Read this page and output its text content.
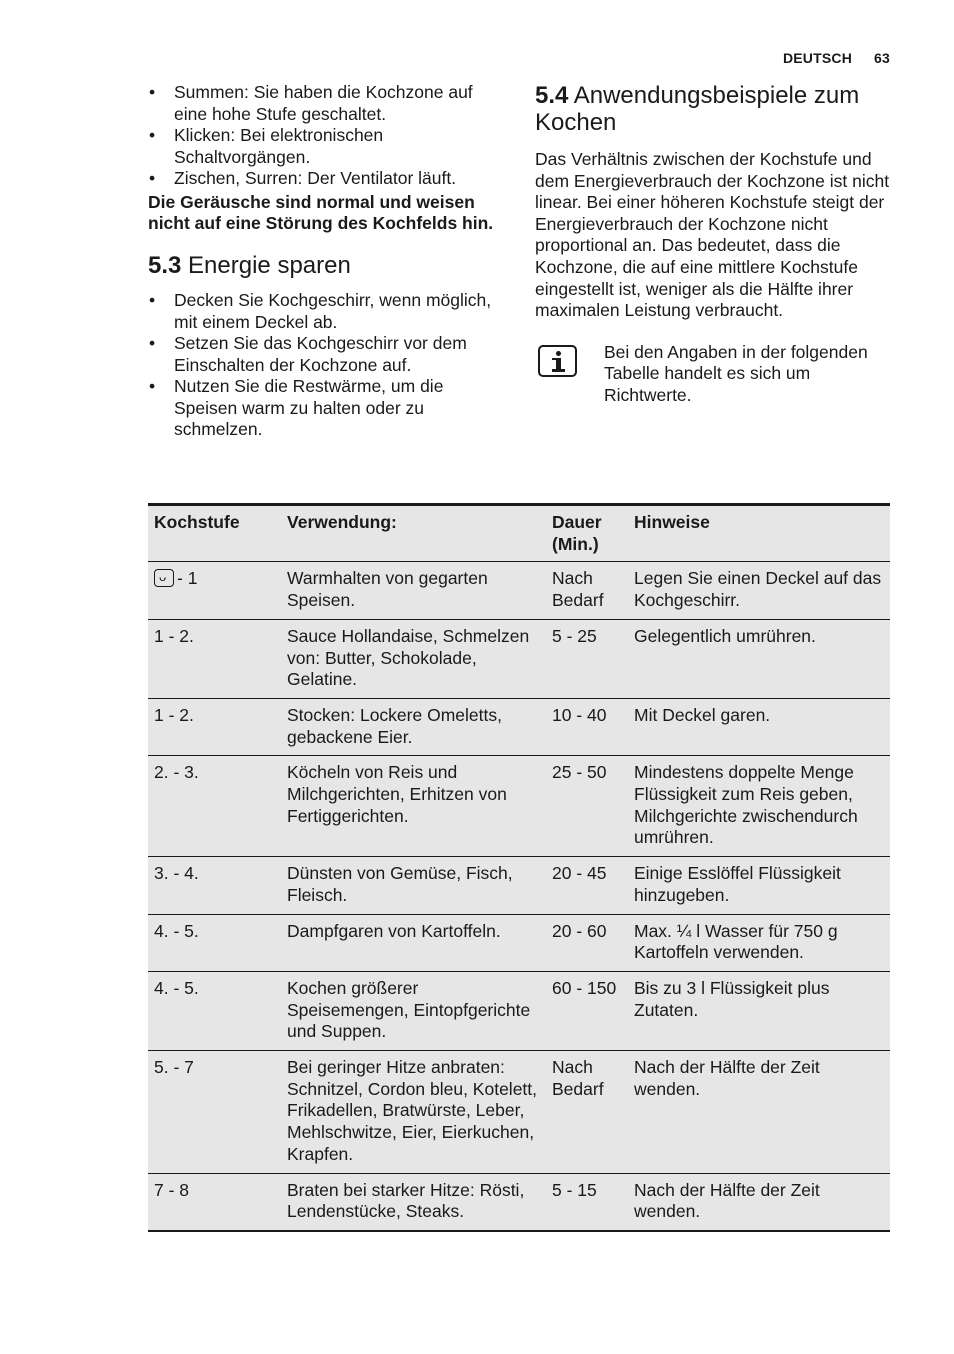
DEUTSCH 63
• Summen: Sie haben die Kochzone auf eine hohe Stufe geschaltet.
• Klicken: Bei elektronischen Schaltvorgängen.
• Zischen, Surren: Der Ventilator läuft.

Die Geräusche sind normal und weisen nicht auf eine Störung des Kochfelds hin.

5.3 Energie sparen
• Decken Sie Kochgeschirr, wenn möglich, mit einem Deckel ab.
• Setzen Sie das Kochgeschirr vor dem Einschalten der Kochzone auf.
• Nutzen Sie die Restwärme, um die Speisen warm zu halten oder zu schmelzen.
5.4 Anwendungsbeispiele zum Kochen

Das Verhältnis zwischen der Kochstufe und dem Energieverbrauch der Kochzone ist nicht linear. Bei einer höheren Kochstufe steigt der Energieverbrauch der Kochzone nicht proportional an. Das bedeutet, dass die Kochzone, die auf eine mittlere Kochstufe eingestellt ist, weniger als die Hälfte ihrer maximalen Leistung verbraucht.

Bei den Angaben in der folgenden Tabelle handelt es sich um Richtwerte.

Kochstufe	Verwendung:	Dauer (Min.)	Hinweise
ᴗ- 1	Warmhalten von gegarten Speisen.	Nach Bedarf	Legen Sie einen Deckel auf das Kochgeschirr.
1 - 2.	Sauce Hollandaise, Schmelzen von: Butter, Schokolade, Gelatine.	5 - 25	Gelegentlich umrühren.
1 - 2.	Stocken: Lockere Omeletts, gebackene Eier.	10 - 40	Mit Deckel garen.
2. - 3.	Köcheln von Reis und Milchgerichten, Erhitzen von Fertiggerichten.	25 - 50	Mindestens doppelte Menge Flüssigkeit zum Reis geben, Milchgerichte zwischendurch umrühren.
3. - 4.	Dünsten von Gemüse, Fisch, Fleisch.	20 - 45	Einige Esslöffel Flüssigkeit hinzugeben.
4. - 5.	Dampfgaren von Kartoffeln.	20 - 60	Max. ¼ l Wasser für 750 g Kartoffeln verwenden.
4. - 5.	Kochen größerer Speisemengen, Eintopfgerichte und Suppen.	60 - 150	Bis zu 3 l Flüssigkeit plus Zutaten.
5. - 7	Bei geringer Hitze anbraten: Schnitzel, Cordon bleu, Kotelett, Frikadellen, Bratwürste, Leber, Mehlschwitze, Eier, Eierkuchen, Krapfen.	Nach Bedarf	Nach der Hälfte der Zeit wenden.
7 - 8	Braten bei starker Hitze: Rösti, Lendenstücke, Steaks.	5 - 15	Nach der Hälfte der Zeit wenden.
